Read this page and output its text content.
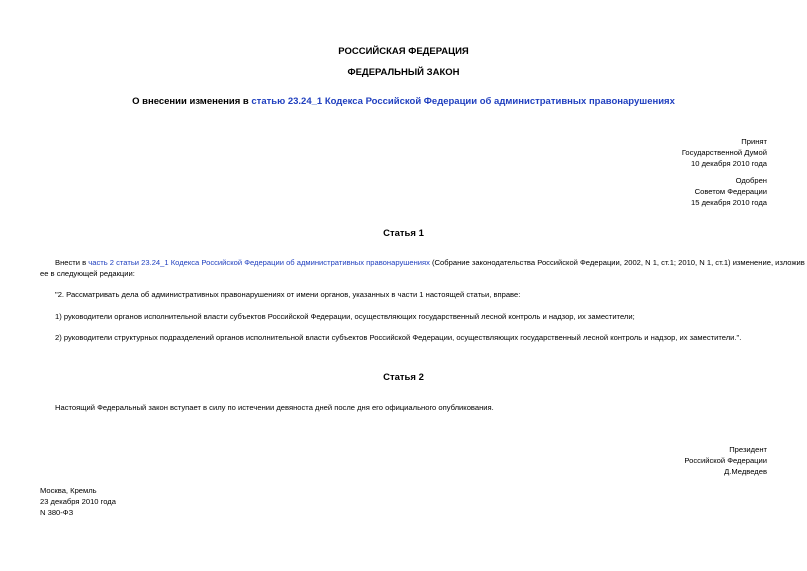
РОССИЙСКАЯ ФЕДЕРАЦИЯ
ФЕДЕРАЛЬНЫЙ ЗАКОН
О внесении изменения в статью 23.24_1 Кодекса Российской Федерации об административных правонарушениях
Принят
Государственной Думой
10 декабря 2010 года
Одобрен
Советом Федерации
15 декабря 2010 года
Статья 1
Внести в часть 2 статьи 23.24_1 Кодекса Российской Федерации об административных правонарушениях (Собрание законодательства Российской Федерации, 2002, N 1, ст.1; 2010, N 1, ст.1) изменение, изложив
ее в следующей редакции:
"2. Рассматривать дела об административных правонарушениях от имени органов, указанных в части 1 настоящей статьи, вправе:
1) руководители органов исполнительной власти субъектов Российской Федерации, осуществляющих государственный лесной контроль и надзор, их заместители;
2) руководители структурных подразделений органов исполнительной власти субъектов Российской Федерации, осуществляющих государственный лесной контроль и надзор, их заместители.".
Статья 2
Настоящий Федеральный закон вступает в силу по истечении девяноста дней после дня его официального опубликования.
Президент
Российской Федерации
Д.Медведев
Москва, Кремль
23 декабря 2010 года
N 380-ФЗ
